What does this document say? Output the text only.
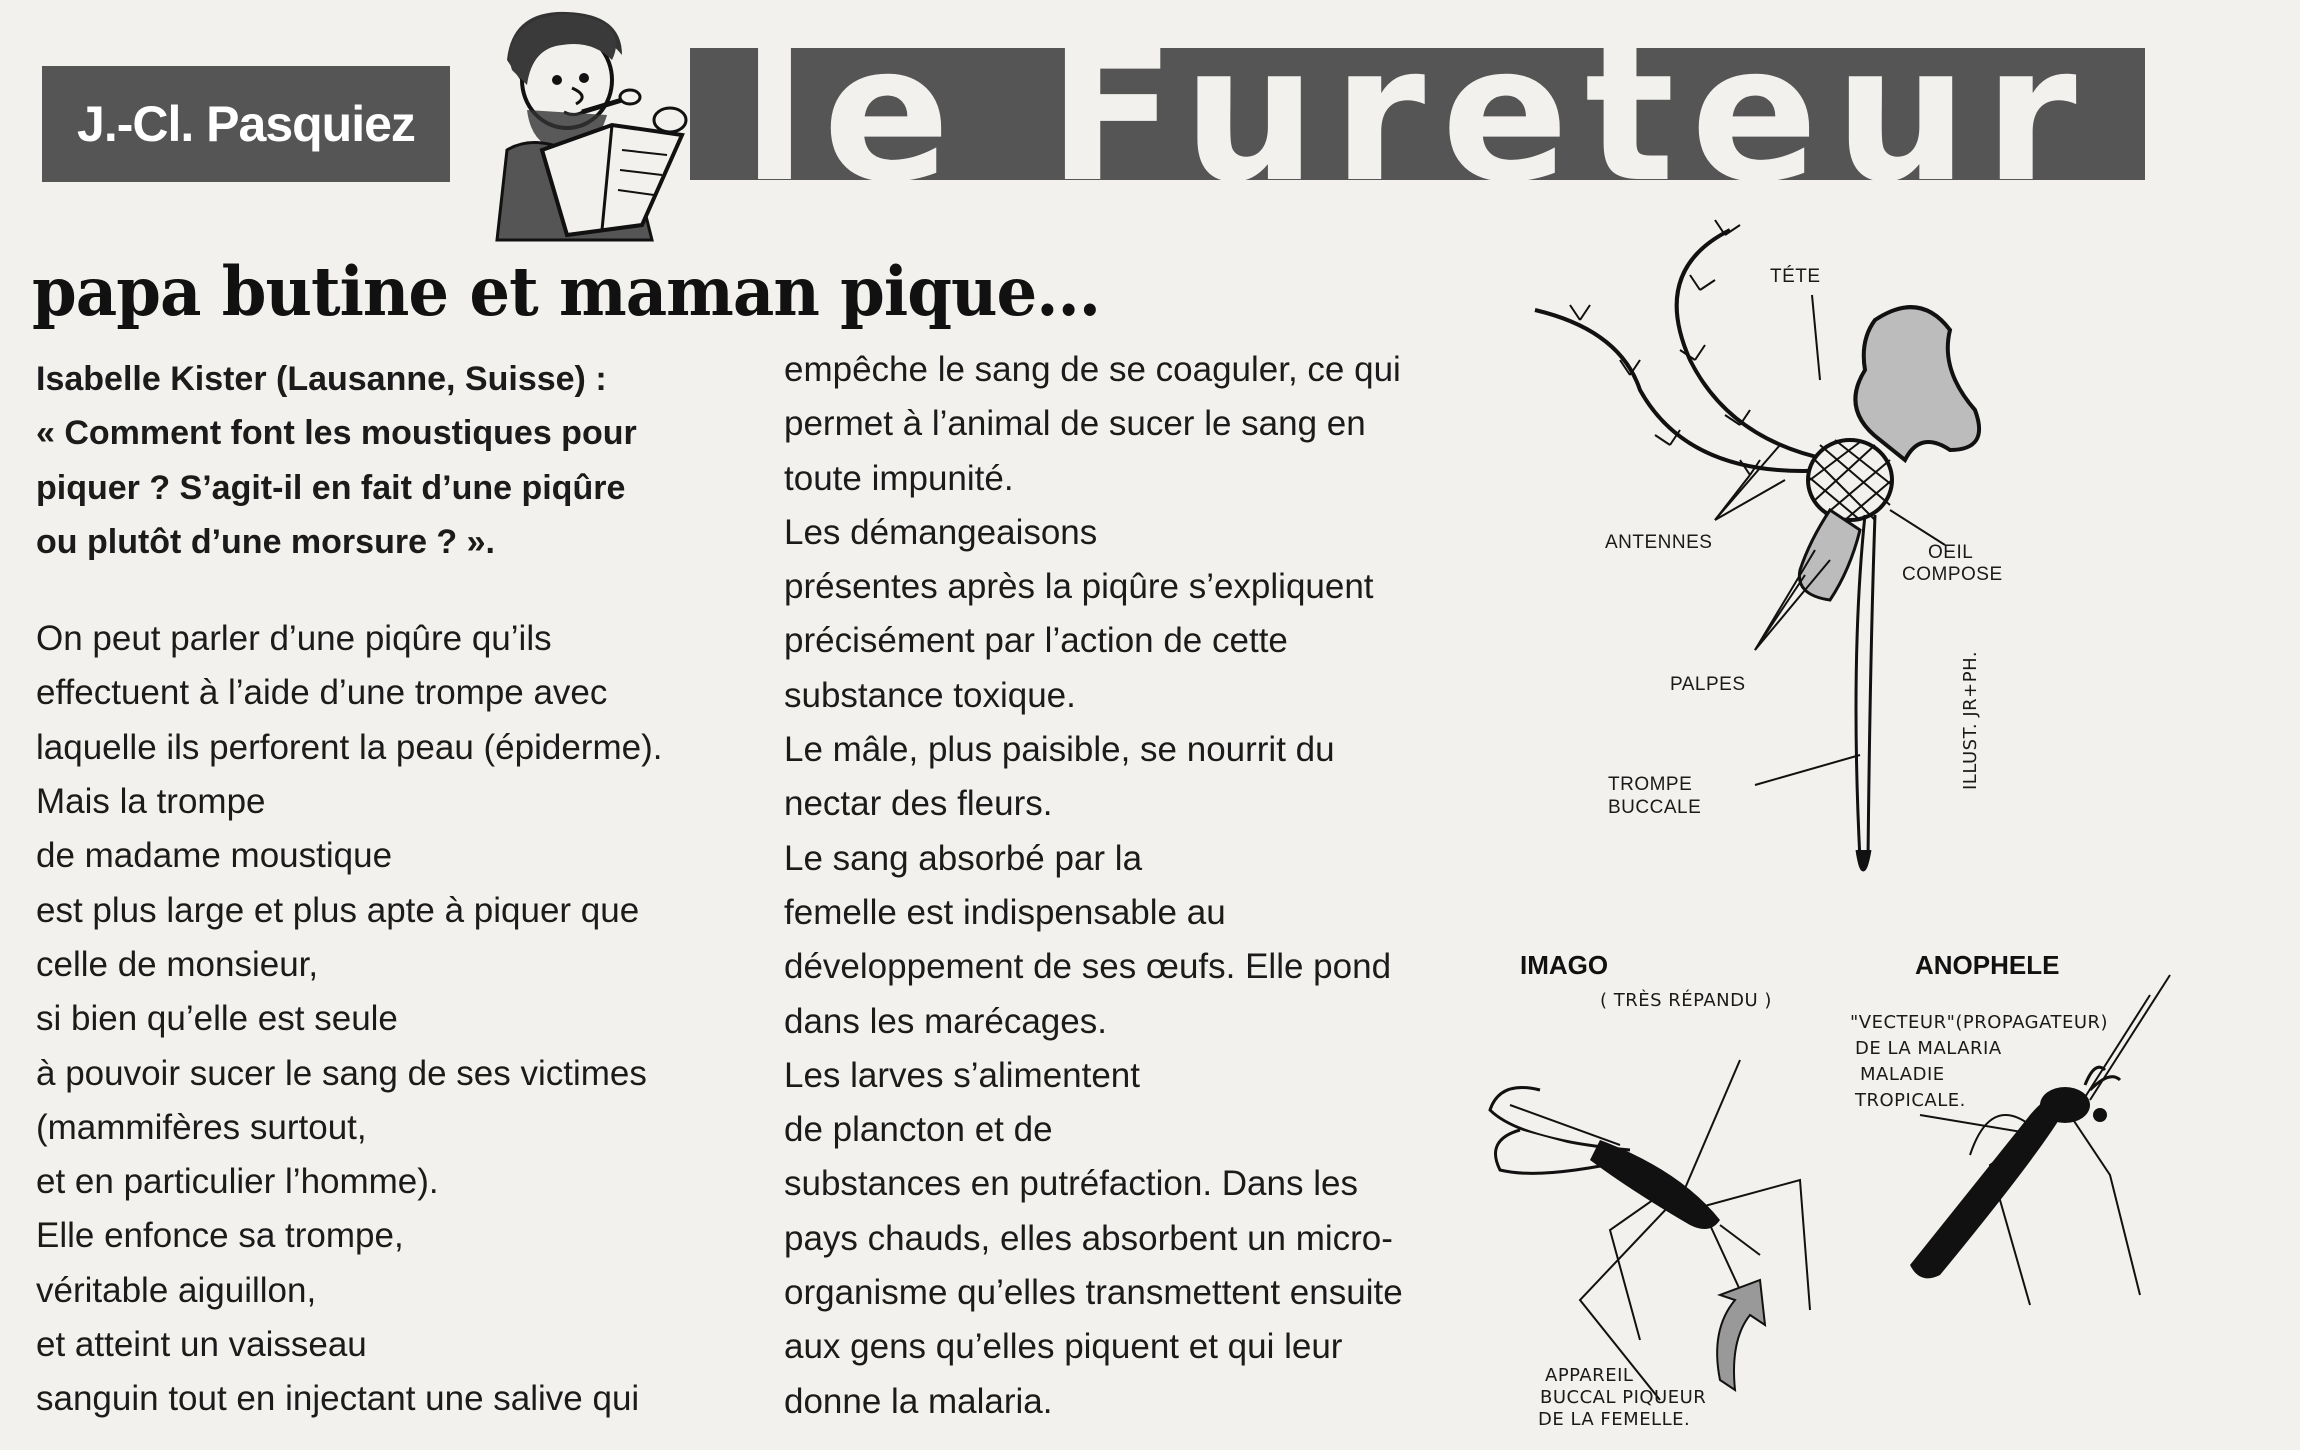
J.-Cl. Pasquiez le Fureteur
papa butine et maman pique...

Isabelle Kister (Lausanne, Suisse) :

« Comment font les moustiques pour

piquer ? S’agit-il en fait d’une piqûre

ou plutôt d’une morsure ? ».

On peut parler d’une piqûre qu’ils

effectuent à l’aide d’une trompe avec

laquelle ils perforent la peau (épiderme).

Mais la trompe

de madame moustique

est plus large et plus apte à piquer que

celle de monsieur,

si bien qu’elle est seule

à pouvoir sucer le sang de ses victimes

(mammifères surtout,

et en particulier l’homme).

Elle enfonce sa trompe,

véritable aiguillon,

et atteint un vaisseau

sanguin tout en injectant une salive qui

empêche le sang de se coaguler, ce qui

permet à l’animal de sucer le sang en

toute impunité.

Les démangeaisons

présentes après la piqûre s’expliquent

précisément par l’action de cette

substance toxique.

Le mâle, plus paisible, se nourrit du

nectar des fleurs.

Le sang absorbé par la

femelle est indispensable au

développement de ses œufs. Elle pond

dans les marécages.

Les larves s’alimentent

de plancton et de

substances en putréfaction. Dans les

pays chauds, elles absorbent un micro-

organisme qu’elles transmettent ensuite

aux gens qu’elles piquent et qui leur

donne la malaria.

TÉTE
ANTENNES	OEIL
COMPOSE
PALPES
TROMPE
BUCCALE
ILLUST. JR+PH.
IMAGO
( TRÈS RÉPANDU )
APPAREIL
BUCCAL PIQUEUR
DE LA FEMELLE.
ANOPHELE
"VECTEUR"(PROPAGATEUR)
DE LA MALARIA
MALADIE
TROPICALE.
